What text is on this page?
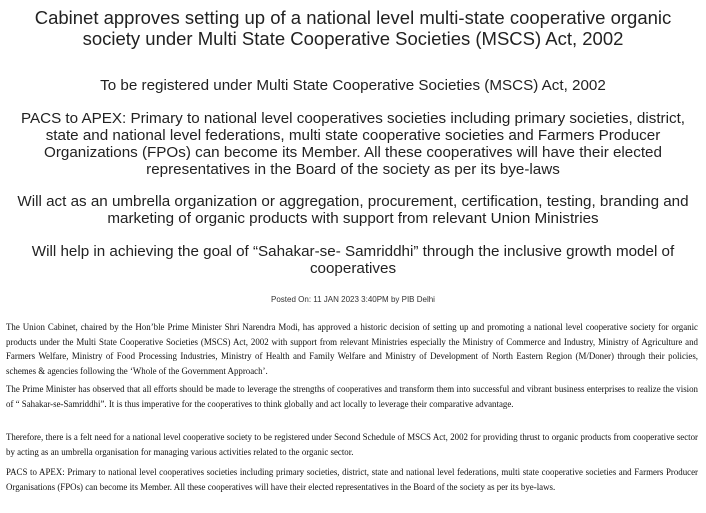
Cabinet approves setting up of a national level multi-state cooperative organic society under Multi State Cooperative Societies (MSCS) Act, 2002

To be registered under Multi State Cooperative Societies (MSCS) Act, 2002

PACS to APEX: Primary to national level cooperatives societies including primary societies, district, state and national level federations, multi state cooperative societies and Farmers Producer Organizations (FPOs) can become its Member. All these cooperatives will have their elected representatives in the Board of the society as per its bye-laws

Will act as an umbrella organization or aggregation, procurement, certification, testing, branding and marketing of organic products with support from relevant Union Ministries

Will help in achieving the goal of “Sahakar-se- Samriddhi” through the inclusive growth model of cooperatives

Posted On: 11 JAN 2023 3:40PM by PIB Delhi

The Union Cabinet, chaired by the Hon’ble Prime Minister Shri Narendra Modi, has approved a historic decision of setting up and promoting a national level cooperative society for organic products under the Multi State Cooperative Societies (MSCS) Act, 2002 with support from relevant Ministries especially the Ministry of Commerce and Industry, Ministry of Agriculture and Farmers Welfare, Ministry of Food Processing Industries, Ministry of Health and Family Welfare and Ministry of Development of North Eastern Region (M/Doner) through their policies, schemes & agencies following the ‘Whole of the Government Approach’.

The Prime Minister has observed that all efforts should be made to leverage the strengths of cooperatives and transform them into successful and vibrant business enterprises to realize the vision of “ Sahakar-se-Samriddhi”. It is thus imperative for the cooperatives to think globally and act locally to leverage their comparative advantage.

Therefore, there is a felt need for a national level cooperative society to be registered under Second Schedule of MSCS Act, 2002 for providing thrust to organic products from cooperative sector by acting as an umbrella organisation for managing various activities related to the organic sector.

PACS to APEX: Primary to national level cooperatives societies including primary societies, district, state and national level federations, multi state cooperative societies and Farmers Producer Organisations (FPOs) can become its Member. All these cooperatives will have their elected representatives in the Board of the society as per its bye-laws.
